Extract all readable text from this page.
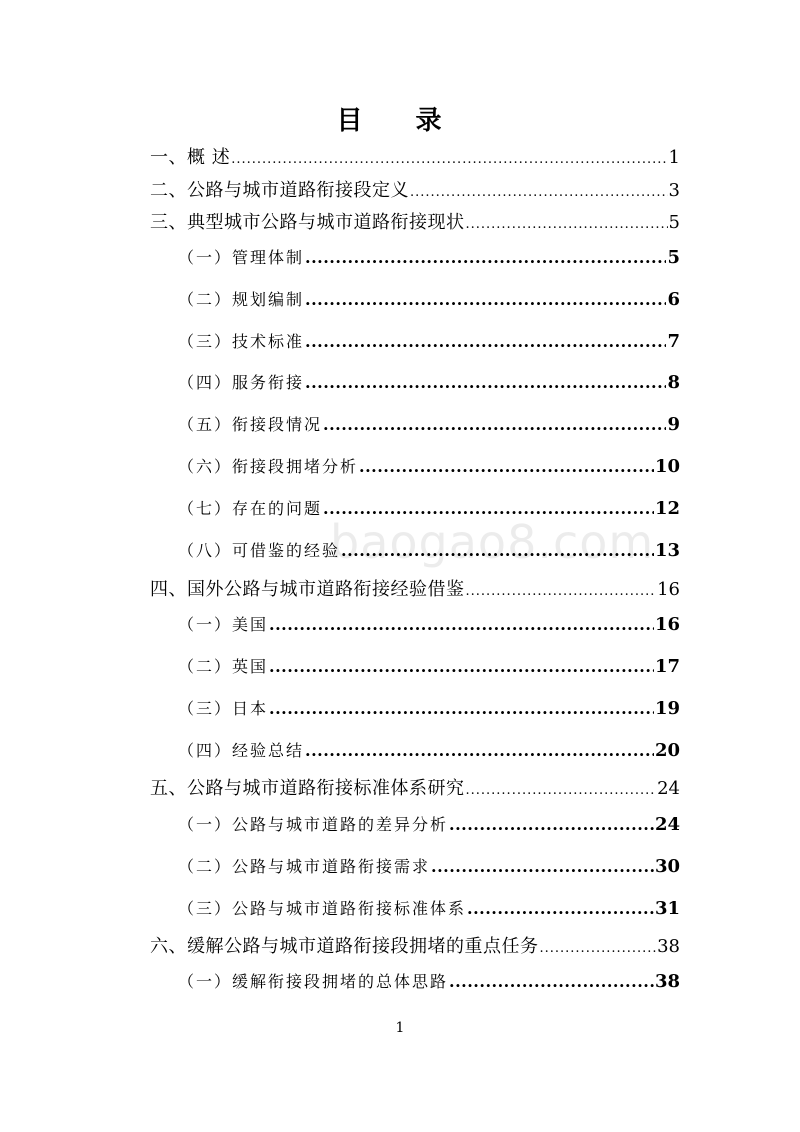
目 录
一、概 述 .....	1
二、公路与城市道路衔接段定义 .....	3
三、典型城市公路与城市道路衔接现状 .....	5
（一）管理体制 .....	5
（二）规划编制 .....	6
（三）技术标准 .....	7
（四）服务衔接 .....	8
（五）衔接段情况 .....	9
（六）衔接段拥堵分析 .....	10
（七）存在的问题 .....	12
（八）可借鉴的经验 .....	13
四、国外公路与城市道路衔接经验借鉴 .....	16
（一）美国 .....	16
（二）英国 .....	17
（三）日本 .....	19
（四）经验总结 .....	20
五、公路与城市道路衔接标准体系研究 .....	24
（一）公路与城市道路的差异分析 .....	24
（二）公路与城市道路衔接需求 .....	30
（三）公路与城市道路衔接标准体系 .....	31
六、缓解公路与城市道路衔接段拥堵的重点任务 .....	38
（一）缓解衔接段拥堵的总体思路 .....	38
baogao8.com
1
